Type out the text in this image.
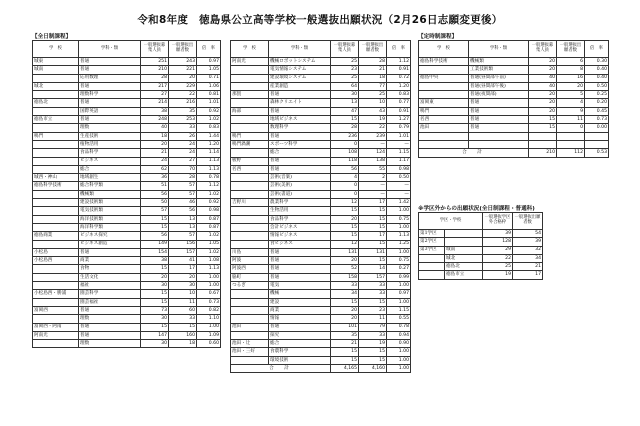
令和8年度　徳島県公立高等学校一般選抜出願状況（2月26日志願変更後）
【全日制課程】	【定時制課程】
※学区外からの出願状況(全日制課程・普通科)
学　校	学科・類	一般選抜募集人員	一般選抜出願者数	倍　率
城東	普通	251	243	0.97
城南	普通	210	221	1.05
	応用数理	28	20	0.71
城北	普通	217	229	1.06
	理数科学	27	22	0.81
徳島北	普通	214	216	1.01
	国際英語	38	35	0.92
徳島市立	普通	248	253	1.02
	理数	40	33	0.83
鳴門	生産技術	18	26	1.44
	植物活用	20	24	1.20
	食品科学	21	24	1.14
	ビジネス	24	27	1.13
	総合	62	70	1.13
城西・神山	地域創生	36	28	0.78
徳島科学技術	総合科学類	51	57	1.12
	機械類	56	57	1.02
	建設技術類	50	46	0.92
	電気技術類	57	56	0.98
	海洋技術類	15	13	0.87
	海洋科学類	15	13	0.87
徳島商業	ビジネス探究	56	57	1.02
	ビジネス創造	149	156	1.05
小松島	普通	154	157	1.02
小松島西	商業	38	41	1.08
	食物	15	17	1.13
	生活文化	20	20	1.00
	福祉	30	30	1.00
小松島西・勝浦	園芸科学	15	10	0.67
	園芸福祉	15	11	0.73
富岡西	普通	73	60	0.82
	理数	30	33	1.10
富岡西・阿南	普通	15	15	1.00
阿南光	普通	147	160	1.09
	理数	30	18	0.60
学　校	学科・類	一般選抜募集人員	一般選抜出願者数	倍　率
阿南光	機械ロボットシステム	25	28	1.12
	電気情報システム	23	21	0.91
	建設環境システム	25	18	0.72
	産業創造	64	77	1.20
那賀	普通	30	25	0.83
	森林クリエイト	13	10	0.77
海部	普通	47	43	0.91
	地域ビジネス	15	19	1.27
	数理科学	28	22	0.79
鳴門	普通	236	239	1.01
鳴門渦潮	スポーツ科学	0	—	—
	総合	108	124	1.15
板野	普通	118	138	1.17
名西	普通	56	55	0.98
	芸術(音楽)	4	2	0.50
	芸術(美術)	0	—	—
	芸術(書道)	0	—	—
吉野川	農業科学	12	17	1.42
	生物活用	15	15	1.00
	食品科学	20	15	0.75
	会計ビジネス	15	15	1.00
	情報ビジネス	15	17	1.13
	食ビジネス	12	15	1.25
川島	普通	131	131	1.00
阿波	普通	20	15	0.75
阿波西	普通	52	14	0.27
脇町	普通	158	157	0.99
つるぎ	電気	33	33	1.00
	機械	34	33	0.97
	建設	15	15	1.00
	商業	20	23	1.15
	情報	20	11	0.55
池田	普通	101	79	0.78
	探究	35	33	0.94
池田・辻	総合	21	19	0.90
池田・三好	食農科学	15	15	1.00
	環境技術	15	15	1.00
合　計		4,165	4,160	1.00
学　校	学科・類	一般選抜募集人員	一般選抜出願者数	倍　率
徳島科学技術	機械類	20	6	0.30
	工業技術類	20	8	0.40
徳島中央	普通(昼間部午前)	40	16	0.40
	普通(昼間部午後)	40	20	0.50
	普通(夜間部)	20	5	0.25
富岡東	普通	20	4	0.20
鳴門	普通	20	9	0.45
名西	普通	15	11	0.73
池田	普通	15	0	0.00

合　計		210	112	0.53
学区・学校		一般選抜学区外合格枠	一般選抜出願者数
第1学区		39	54
第2学区		128	39
第3学区	城南	29	32
	城北	22	34
	徳島北	25	21
	徳島市立	19	17
